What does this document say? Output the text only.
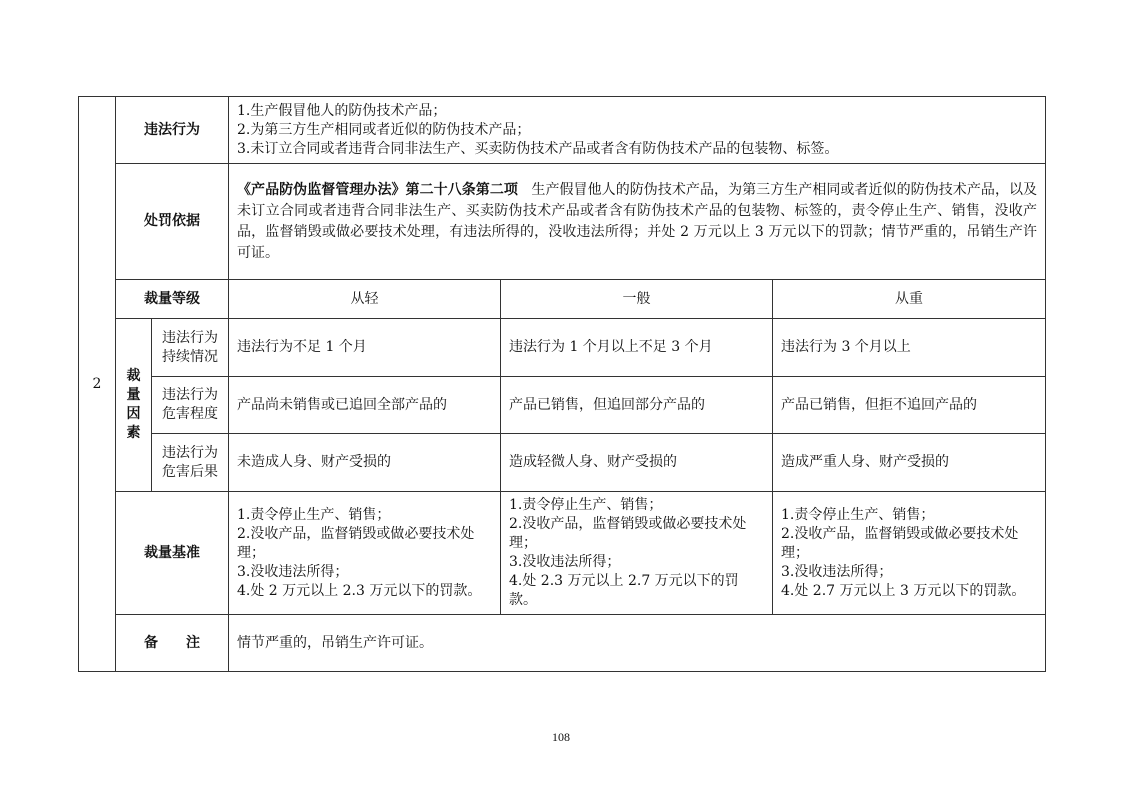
2	违法行为		1.生产假冒他人的防伪技术产品；
2.为第三方生产相同或者近似的防伪技术产品；
3.未订立合同或者违背合同非法生产、买卖防伪技术产品或者含有防伪技术产品的包装物、标签。		

	处罚依据		《产品防伪监督管理办法》第二十八条第二项 生产假冒他人的防伪技术产品，为第三方生产相同或者近似的防伪技术产品，以及未订立合同或者违背合同非法生产、买卖防伪技术产品或者含有防伪技术产品的包装物、标签的，责令停止生产、销售，没收产品，监督销毁或做必要技术处理，有违法所得的，没收违法所得；并处 2 万元以上 3 万元以下的罚款；情节严重的，吊销生产许可证。		
	裁量等级		从轻	一般	从重

	裁
量
因
素	违法行为持续情况	违法行为不足 1 个月	违法行为 1 个月以上不足 3 个月	违法行为 3 个月以上
		违法行为危害程度	产品尚未销售或已追回全部产品的	产品已销售，但追回部分产品的	产品已销售，但拒不追回产品的
		违法行为危害后果	未造成人身、财产受损的	造成轻微人身、财产受损的	造成严重人身、财产受损的
	裁量基准		1.责令停止生产、销售；
2.没收产品，监督销毁或做必要技术处理；
3.没收违法所得；
4.处 2 万元以上 2.3 万元以下的罚款。	1.责令停止生产、销售；
2.没收产品，监督销毁或做必要技术处理；
3.没收违法所得；
4.处 2.3 万元以上 2.7 万元以下的罚款。	1.责令停止生产、销售；
2.没收产品，监督销毁或做必要技术处理；
3.没收违法所得；
4.处 2.7 万元以上 3 万元以下的罚款。

	备注		情节严重的，吊销生产许可证。		
108
